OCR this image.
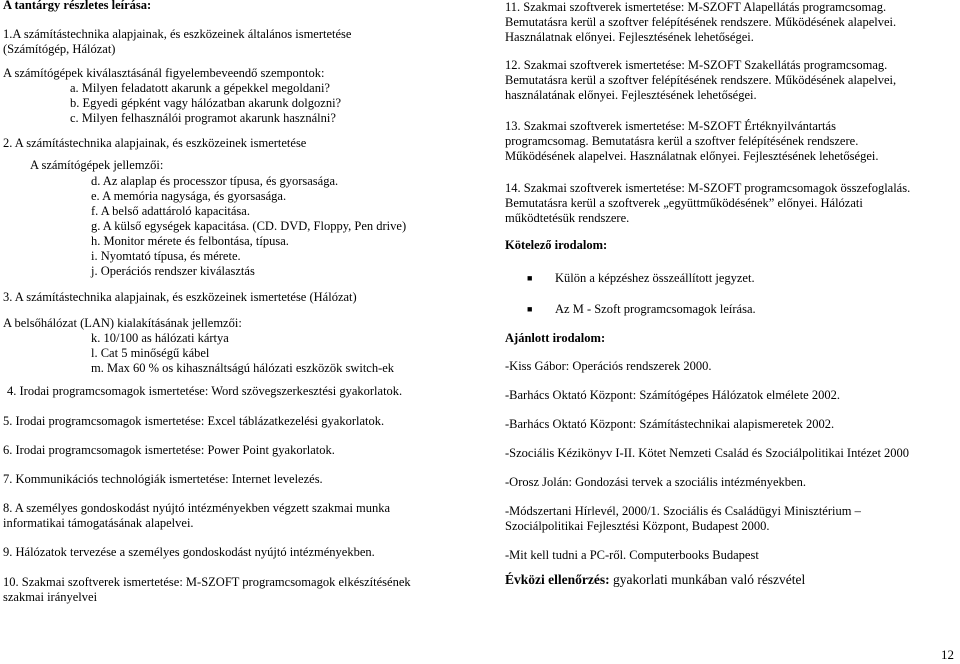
A tantárgy részletes leírása:

1.A számítástechnika alapjainak, és eszközeinek általános ismertetése

(Számítógép, Hálózat)

A számítógépek kiválasztásánál figyelembeveendő szempontok:

a. Milyen feladatott akarunk a gépekkel megoldani?

b. Egyedi gépként vagy hálózatban akarunk dolgozni?

c. Milyen felhasználói programot akarunk használni?

2. A számítástechnika alapjainak, és eszközeinek ismertetése

A számítógépek jellemzői:

d. Az alaplap és processzor típusa, és gyorsasága.

e. A memória nagysága, és gyorsasága.

f. A belső adattároló kapacitása.

g. A külső egységek kapacitása. (CD. DVD, Floppy, Pen drive)

h. Monitor mérete és felbontása, típusa.

i. Nyomtató típusa, és mérete.

j. Operációs rendszer kiválasztás

3. A számítástechnika alapjainak, és eszközeinek ismertetése (Hálózat)

A belsőhálózat (LAN) kialakításának jellemzői:

k. 10/100 as hálózati kártya

l. Cat 5 minőségű kábel

m. Max 60 % os kihasználtságú hálózati eszközök switch-ek

4. Irodai programcsomagok ismertetése: Word szövegszerkesztési gyakorlatok.

5. Irodai programcsomagok ismertetése: Excel táblázatkezelési gyakorlatok.

6. Irodai programcsomagok ismertetése: Power Point gyakorlatok.

7. Kommunikációs technológiák ismertetése: Internet levelezés.

8. A személyes gondoskodást nyújtó intézményekben végzett szakmai munka

informatikai támogatásának alapelvei.

9. Hálózatok tervezése a személyes gondoskodást nyújtó intézményekben.

10. Szakmai szoftverek ismertetése: M-SZOFT programcsomagok elkészítésének

szakmai irányelvei

11. Szakmai szoftverek ismertetése: M-SZOFT Alapellátás programcsomag.

Bemutatásra kerül a szoftver felépítésének rendszere. Működésének alapelvei.

Használatnak előnyei. Fejlesztésének lehetőségei.

12. Szakmai szoftverek ismertetése: M-SZOFT Szakellátás programcsomag.

Bemutatásra kerül a szoftver felépítésének rendszere. Működésének alapelvei,

használatának előnyei. Fejlesztésének lehetőségei.

13. Szakmai szoftverek ismertetése: M-SZOFT Értéknyilvántartás

programcsomag. Bemutatásra kerül a szoftver felépítésének rendszere.

Működésének alapelvei. Használatnak előnyei. Fejlesztésének lehetőségei.

14. Szakmai szoftverek ismertetése: M-SZOFT programcsomagok összefoglalás.

Bemutatásra kerül a szoftverek „együttműködésének” előnyei. Hálózati

működtetésük rendszere.

Kötelező irodalom:

■	Külön a képzéshez összeállított jegyzet.
■	Az M - Szoft programcsomagok leírása.

Ajánlott irodalom:

-Kiss Gábor: Operációs rendszerek 2000.

-Barhács Oktató Központ: Számítógépes Hálózatok elmélete 2002.

-Barhács Oktató Központ: Számítástechnikai alapismeretek 2002.

-Szociális Kézikönyv I-II. Kötet Nemzeti Család és Szociálpolitikai Intézet 2000

-Orosz Jolán: Gondozási tervek a szociális intézményekben.

-Módszertani Hírlevél, 2000/1. Szociális és Családügyi Minisztérium –

Szociálpolitikai Fejlesztési Központ, Budapest 2000.

-Mit kell tudni a PC-ről. Computerbooks Budapest

Évközi ellenőrzés: gyakorlati munkában való részvétel

12
